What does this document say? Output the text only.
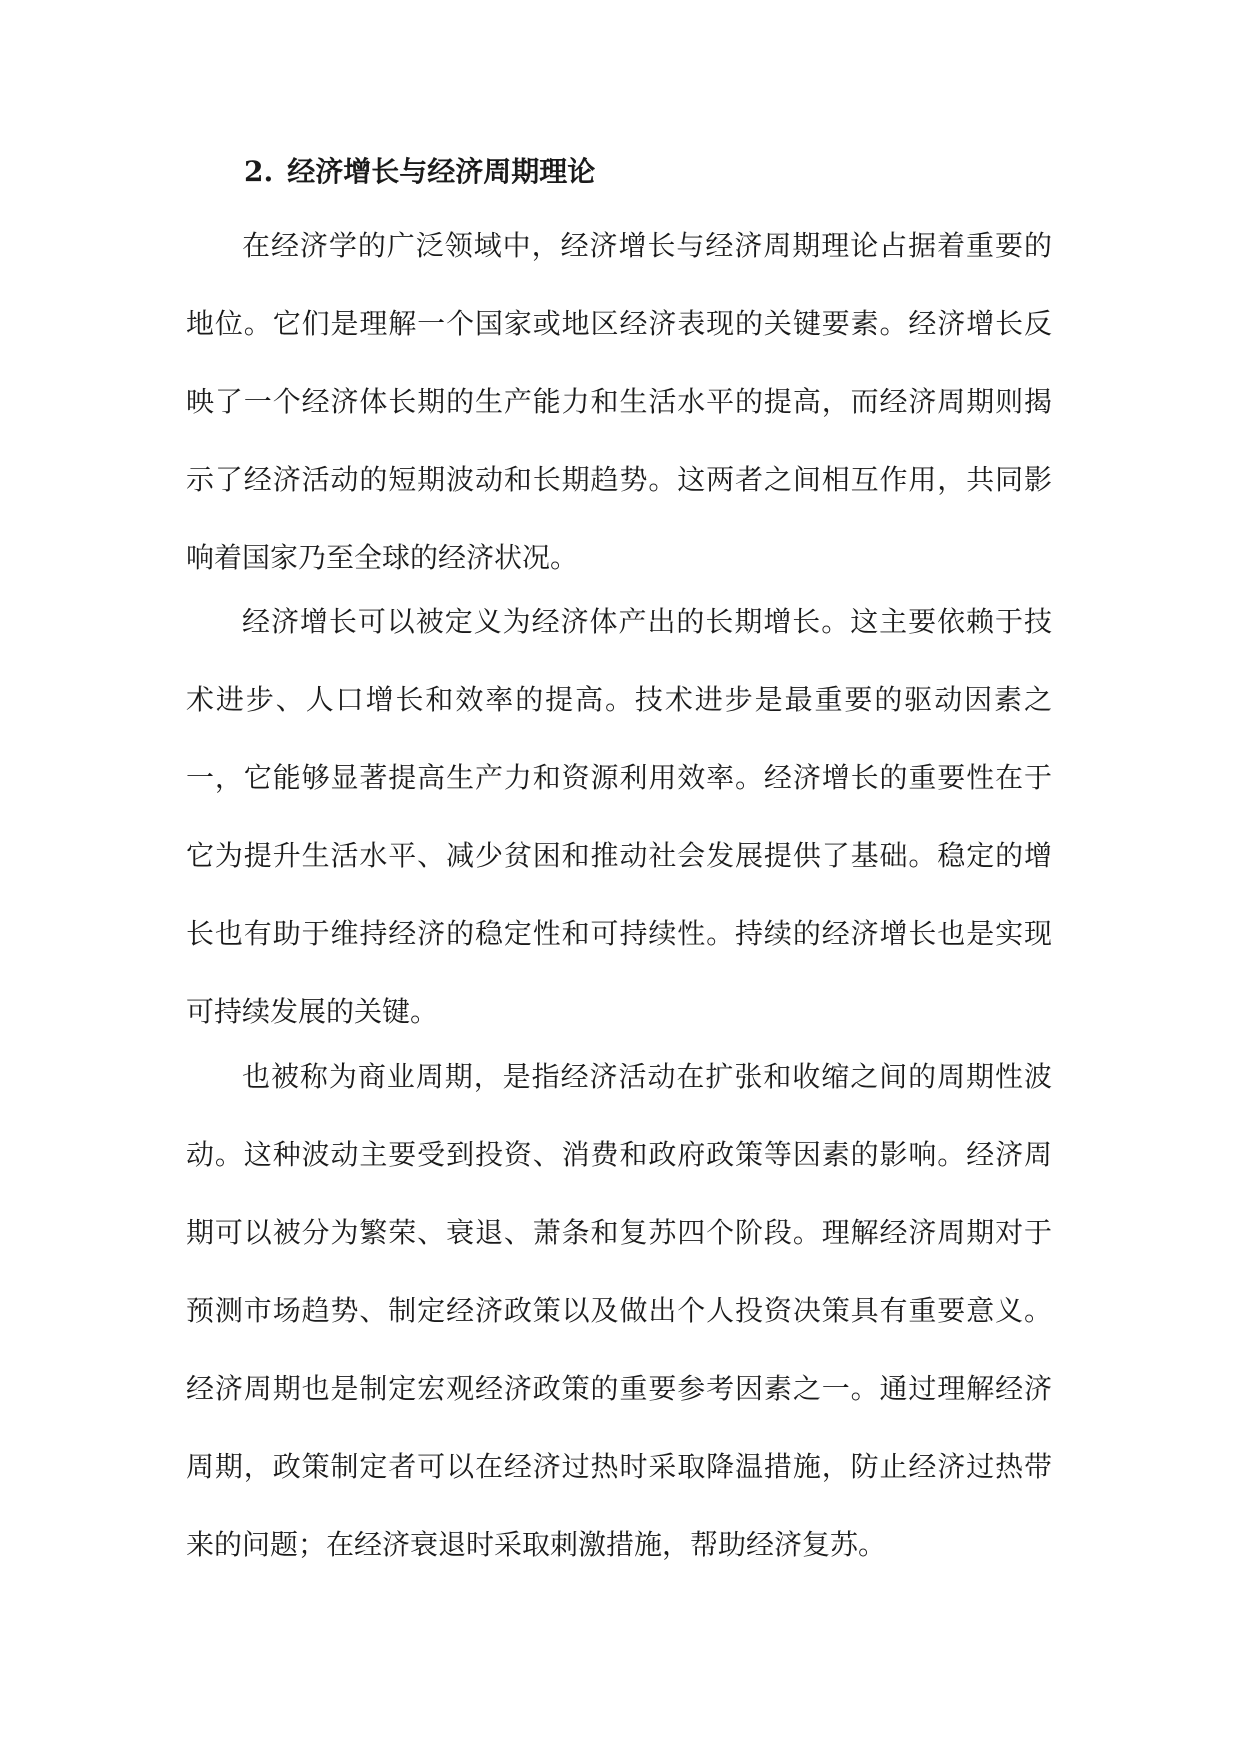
2. 经济增长与经济周期理论

在经济学的广泛领域中，经济增长与经济周期理论占据着重要的地位。它们是理解一个国家或地区经济表现的关键要素。经济增长反映了一个经济体长期的生产能力和生活水平的提高，而经济周期则揭示了经济活动的短期波动和长期趋势。这两者之间相互作用，共同影响着国家乃至全球的经济状况。

经济增长可以被定义为经济体产出的长期增长。这主要依赖于技术进步、人口增长和效率的提高。技术进步是最重要的驱动因素之一，它能够显著提高生产力和资源利用效率。经济增长的重要性在于它为提升生活水平、减少贫困和推动社会发展提供了基础。稳定的增长也有助于维持经济的稳定性和可持续性。持续的经济增长也是实现可持续发展的关键。

也被称为商业周期，是指经济活动在扩张和收缩之间的周期性波动。这种波动主要受到投资、消费和政府政策等因素的影响。经济周期可以被分为繁荣、衰退、萧条和复苏四个阶段。理解经济周期对于预测市场趋势、制定经济政策以及做出个人投资决策具有重要意义。经济周期也是制定宏观经济政策的重要参考因素之一。通过理解经济周期，政策制定者可以在经济过热时采取降温措施，防止经济过热带来的问题；在经济衰退时采取刺激措施，帮助经济复苏。
